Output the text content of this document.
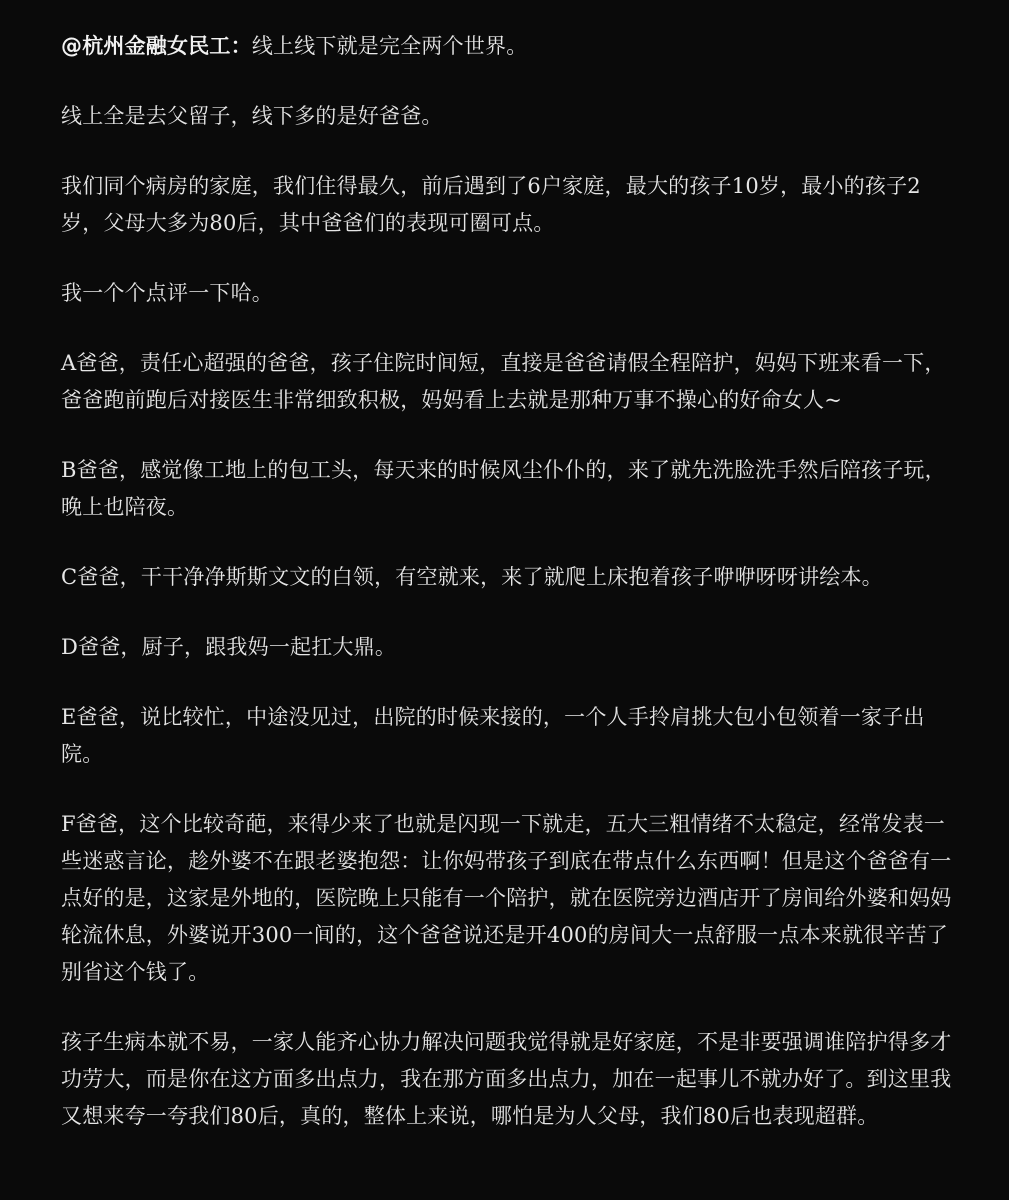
@杭州金融女民工：线上线下就是完全两个世界。

线上全是去父留子，线下多的是好爸爸。

我们同个病房的家庭，我们住得最久，前后遇到了6户家庭，最大的孩子10岁，最小的孩子2岁，父母大多为80后，其中爸爸们的表现可圈可点。

我一个个点评一下哈。

A爸爸，责任心超强的爸爸，孩子住院时间短，直接是爸爸请假全程陪护，妈妈下班来看一下，爸爸跑前跑后对接医生非常细致积极，妈妈看上去就是那种万事不操心的好命女人~

B爸爸，感觉像工地上的包工头，每天来的时候风尘仆仆的，来了就先洗脸洗手然后陪孩子玩，晚上也陪夜。

C爸爸，干干净净斯斯文文的白领，有空就来，来了就爬上床抱着孩子咿咿呀呀讲绘本。

D爸爸，厨子，跟我妈一起扛大鼎。

E爸爸，说比较忙，中途没见过，出院的时候来接的，一个人手拎肩挑大包小包领着一家子出院。

F爸爸，这个比较奇葩，来得少来了也就是闪现一下就走，五大三粗情绪不太稳定，经常发表一些迷惑言论，趁外婆不在跟老婆抱怨：让你妈带孩子到底在带点什么东西啊！但是这个爸爸有一点好的是，这家是外地的，医院晚上只能有一个陪护，就在医院旁边酒店开了房间给外婆和妈妈轮流休息，外婆说开300一间的，这个爸爸说还是开400的房间大一点舒服一点本来就很辛苦了别省这个钱了。

孩子生病本就不易，一家人能齐心协力解决问题我觉得就是好家庭，不是非要强调谁陪护得多才功劳大，而是你在这方面多出点力，我在那方面多出点力，加在一起事儿不就办好了。到这里我又想来夸一夸我们80后，真的，整体上来说，哪怕是为人父母，我们80后也表现超群。
